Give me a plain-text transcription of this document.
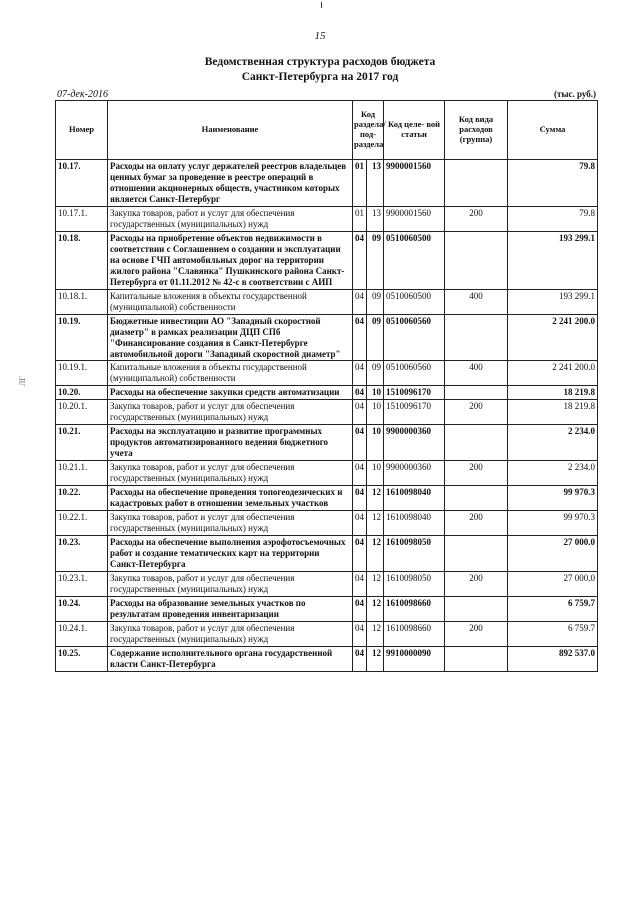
ЛГ
15
Ведомственная структура расходов бюджета
Санкт-Петербурга на 2017 год
07-дек-2016	(тыс. руб.)
Номер	Наименование	Код раздела/ под- раздела		Код целе- вой статьи	Код вида расходов (группа)	Сумма
10.17.	Расходы на оплату услуг держателей реестров владельцев ценных бумаг за проведение в реестре операций в отношении акционерных обществ, участником которых является Санкт-Петербург	01	13	9900001560		79.8
10.17.1.	Закупка товаров, работ и услуг для обеспечения государственных (муниципальных) нужд	01	13	9900001560	200	79.8
10.18.	Расходы на приобретение объектов недвижимости в соответствии с Соглашением о создании и эксплуатации на основе ГЧП автомобильных дорог на территории жилого района "Славянка" Пушкинского района Санкт-Петербурга от 01.11.2012 № 42-с в соответствии с АИП	04	09	0510060500		193 299.1
10.18.1.	Капитальные вложения в объекты государственной (муниципальной) собственности	04	09	0510060500	400	193 299.1
10.19.	Бюджетные инвестиции АО "Западный скоростной диаметр" в рамках реализации ДЦП СПб "Финансирование создания в Санкт-Петербурге автомобильной дороги "Западный скоростной диаметр"	04	09	0510060560		2 241 200.0
10.19.1.	Капитальные вложения в объекты государственной (муниципальной) собственности	04	09	0510060560	400	2 241 200.0
10.20.	Расходы на обеспечение закупки средств автоматизации	04	10	1510096170		18 219.8
10.20.1.	Закупка товаров, работ и услуг для обеспечения государственных (муниципальных) нужд	04	10	1510096170	200	18 219.8
10.21.	Расходы на эксплуатацию и развитие программных продуктов автоматизированного ведения бюджетного учета	04	10	9900000360		2 234.0
10.21.1.	Закупка товаров, работ и услуг для обеспечения государственных (муниципальных) нужд	04	10	9900000360	200	2 234.0
10.22.	Расходы на обеспечение проведения топогеодезических и кадастровых работ в отношении земельных участков	04	12	1610098040		99 970.3
10.22.1.	Закупка товаров, работ и услуг для обеспечения государственных (муниципальных) нужд	04	12	1610098040	200	99 970.3
10.23.	Расходы на обеспечение выполнения аэрофотосъемочных работ и создание тематических карт на территории Санкт-Петербурга	04	12	1610098050		27 000.0
10.23.1.	Закупка товаров, работ и услуг для обеспечения государственных (муниципальных) нужд	04	12	1610098050	200	27 000.0
10.24.	Расходы на образование земельных участков по результатам проведения инвентаризации	04	12	1610098660		6 759.7
10.24.1.	Закупка товаров, работ и услуг для обеспечения государственных (муниципальных) нужд	04	12	1610098660	200	6 759.7
10.25.	Содержание исполнительного органа государственной власти Санкт-Петербурга	04	12	9910000090		892 537.0
